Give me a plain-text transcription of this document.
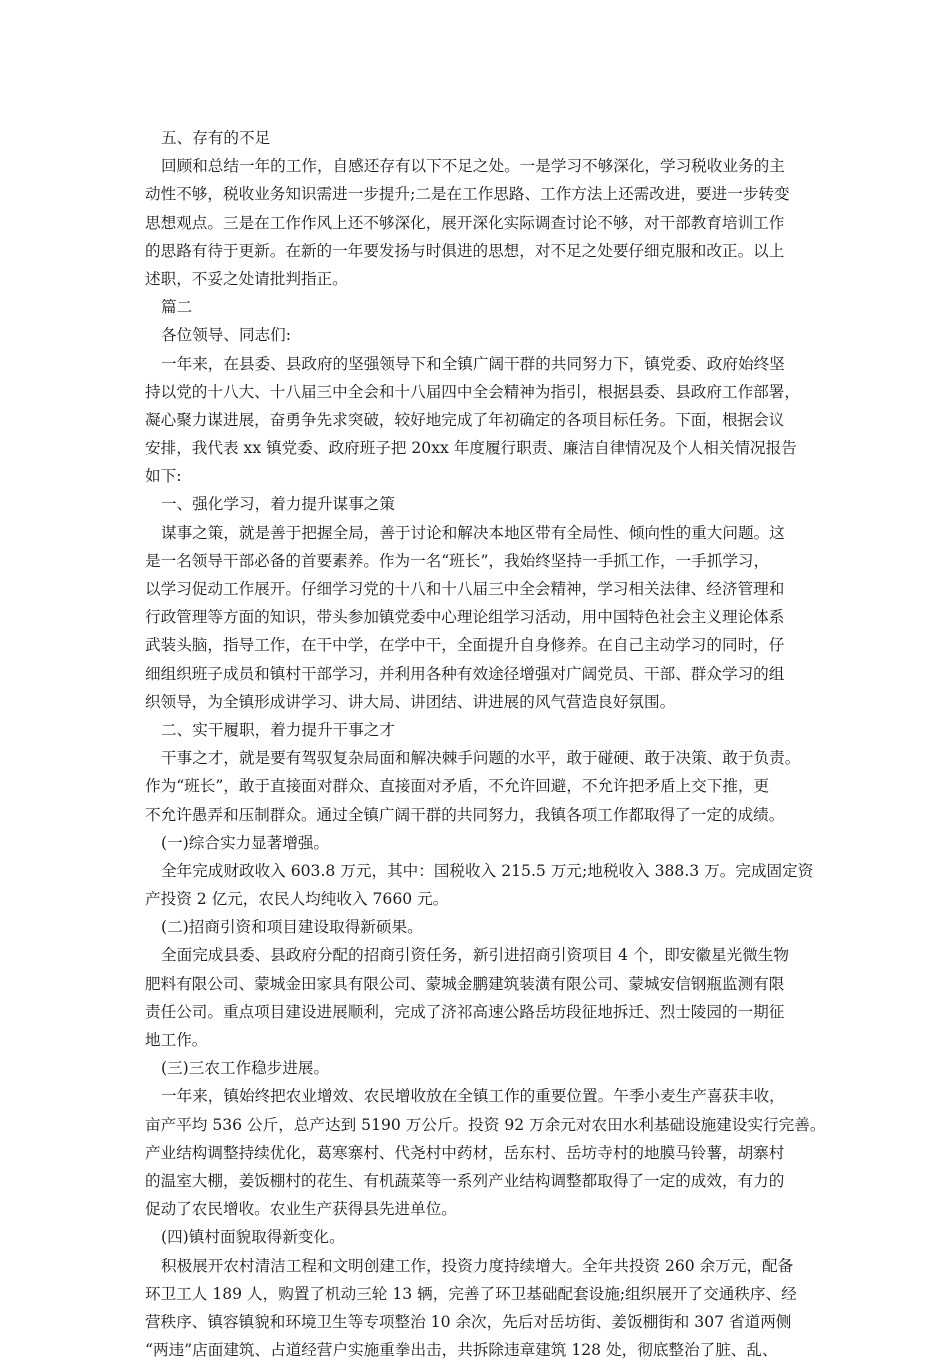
五、存有的不足

回顾和总结一年的工作，自感还存有以下不足之处。一是学习不够深化，学习税收业务的主

动性不够，税收业务知识需进一步提升;二是在工作思路、工作方法上还需改进，要进一步转变

思想观点。三是在工作作风上还不够深化，展开深化实际调查讨论不够，对干部教育培训工作

的思路有待于更新。在新的一年要发扬与时俱进的思想，对不足之处要仔细克服和改正。以上

述职，不妥之处请批判指正。

篇二

各位领导、同志们:

一年来，在县委、县政府的坚强领导下和全镇广阔干群的共同努力下，镇党委、政府始终坚

持以党的十八大、十八届三中全会和十八届四中全会精神为指引，根据县委、县政府工作部署，

凝心聚力谋进展，奋勇争先求突破，较好地完成了年初确定的各项目标任务。下面，根据会议

安排，我代表 xx 镇党委、政府班子把 20xx 年度履行职责、廉洁自律情况及个人相关情况报告

如下:

一、强化学习，着力提升谋事之策

谋事之策，就是善于把握全局，善于讨论和解决本地区带有全局性、倾向性的重大问题。这

是一名领导干部必备的首要素养。作为一名“班长”，我始终坚持一手抓工作，一手抓学习，

以学习促动工作展开。仔细学习党的十八和十八届三中全会精神，学习相关法律、经济管理和

行政管理等方面的知识，带头参加镇党委中心理论组学习活动，用中国特色社会主义理论体系

武装头脑，指导工作，在干中学，在学中干，全面提升自身修养。在自己主动学习的同时，仔

细组织班子成员和镇村干部学习，并利用各种有效途径增强对广阔党员、干部、群众学习的组

织领导，为全镇形成讲学习、讲大局、讲团结、讲进展的风气营造良好氛围。

二、实干履职，着力提升干事之才

干事之才，就是要有驾驭复杂局面和解决棘手问题的水平，敢于碰硬、敢于决策、敢于负责。

作为“班长”，敢于直接面对群众、直接面对矛盾，不允许回避，不允许把矛盾上交下推，更

不允许愚弄和压制群众。通过全镇广阔干群的共同努力，我镇各项工作都取得了一定的成绩。

(一)综合实力显著增强。

全年完成财政收入 603.8 万元，其中：国税收入 215.5 万元;地税收入 388.3 万。完成固定资

产投资 2 亿元，农民人均纯收入 7660 元。

(二)招商引资和项目建设取得新硕果。

全面完成县委、县政府分配的招商引资任务，新引进招商引资项目 4 个，即安徽星光微生物

肥料有限公司、蒙城金田家具有限公司、蒙城金鹏建筑装潢有限公司、蒙城安信钢瓶监测有限

责任公司。重点项目建设进展顺利，完成了济祁高速公路岳坊段征地拆迁、烈士陵园的一期征

地工作。

(三)三农工作稳步进展。

一年来，镇始终把农业增效、农民增收放在全镇工作的重要位置。午季小麦生产喜获丰收，

亩产平均 536 公斤，总产达到 5190 万公斤。投资 92 万余元对农田水利基础设施建设实行完善。

产业结构调整持续优化，葛寒寨村、代尧村中药材，岳东村、岳坊寺村的地膜马铃薯，胡寨村

的温室大棚，姜饭棚村的花生、有机蔬菜等一系列产业结构调整都取得了一定的成效，有力的

促动了农民增收。农业生产获得县先进单位。

(四)镇村面貌取得新变化。

积极展开农村清洁工程和文明创建工作，投资力度持续增大。全年共投资 260 余万元，配备

环卫工人 189 人，购置了机动三轮 13 辆，完善了环卫基础配套设施;组织展开了交通秩序、经

营秩序、镇容镇貌和环境卫生等专项整治 10 余次，先后对岳坊街、姜饭棚街和 307 省道两侧

“两违”店面建筑、占道经营户实施重拳出击，共拆除违章建筑 128 处，彻底整治了脏、乱、
